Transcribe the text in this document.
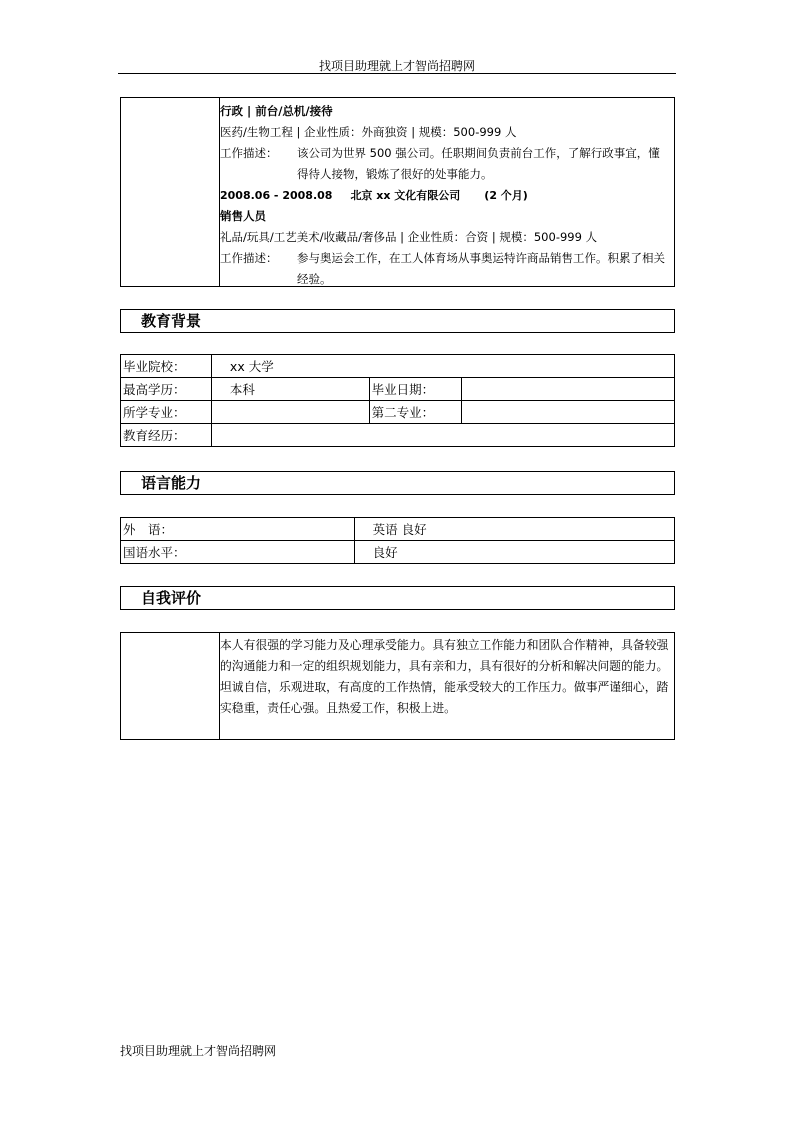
找项目助理就上才智尚招聘网
行政 | 前台/总机/接待
医药/生物工程 | 企业性质：外商独资 | 规模：500-999 人
工作描述：	该公司为世界 500 强公司。任职期间负责前台工作，了解行政事宜，懂得待人接物，锻炼了很好的处事能力。
2008.06 - 2008.08 北京 xx 文化有限公司 (2 个月)
销售人员
礼品/玩具/工艺美术/收藏品/奢侈品 | 企业性质：合资 | 规模：500-999 人
工作描述：	参与奥运会工作，在工人体育场从事奥运特许商品销售工作。积累了相关经验。
教育背景
毕业院校：	xx 大学		
最高学历：	本科	毕业日期：	
所学专业：		第二专业：	
教育经历：			
语言能力
外　语：	英语 良好
国语水平：	良好
自我评价
本人有很强的学习能力及心理承受能力。具有独立工作能力和团队合作精神，具备较强的沟通能力和一定的组织规划能力，具有亲和力，具有很好的分析和解决问题的能力。坦诚自信，乐观进取，有高度的工作热情，能承受较大的工作压力。做事严谨细心，踏实稳重，责任心强。且热爱工作，积极上进。
找项目助理就上才智尚招聘网
